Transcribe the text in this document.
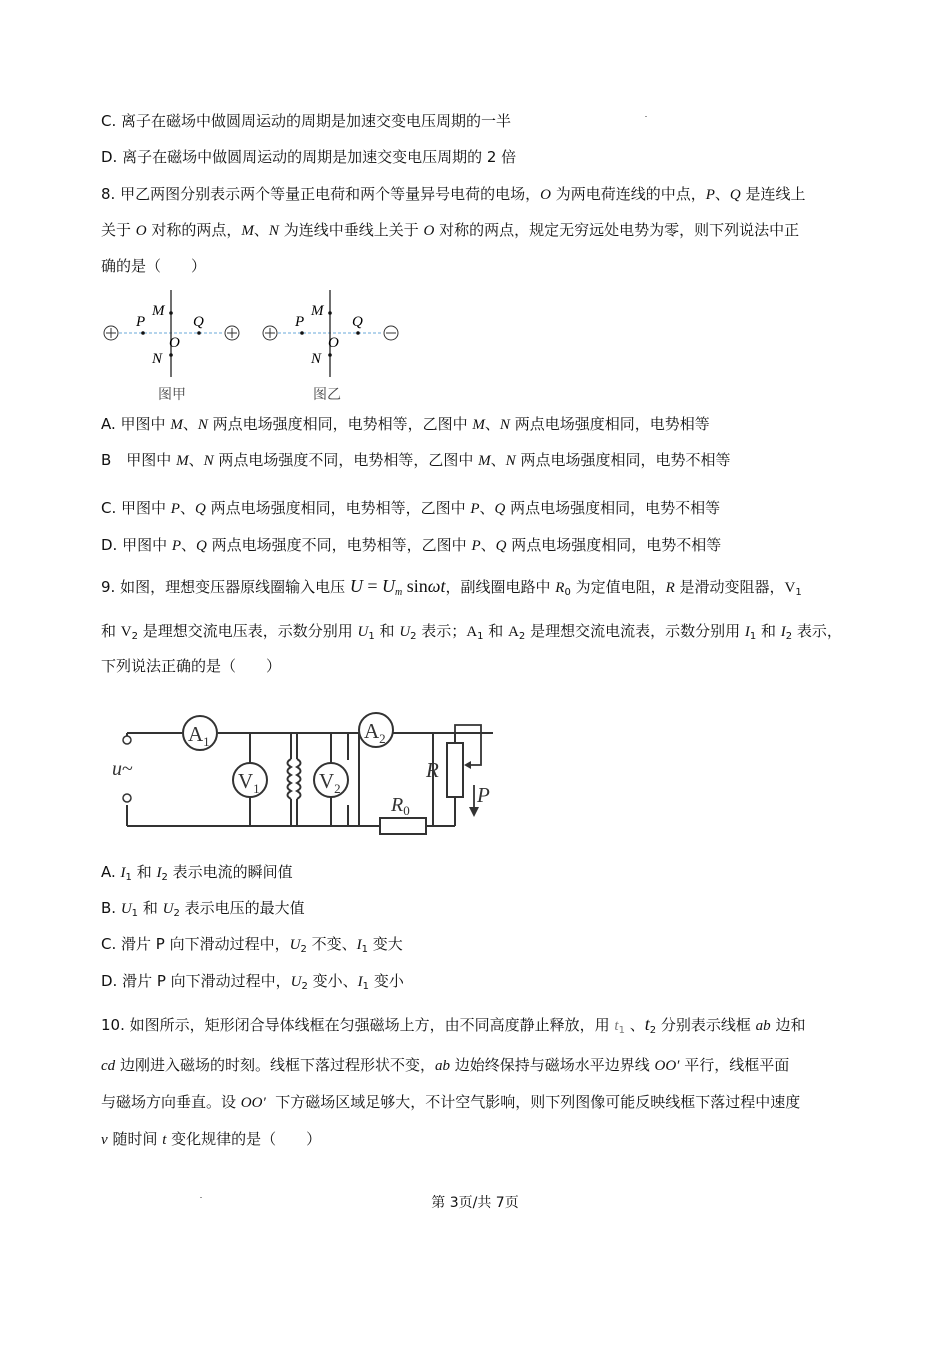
C. 离子在磁场中做圆周运动的周期是加速交变电压周期的一半
D. 离子在磁场中做圆周运动的周期是加速交变电压周期的 2 倍
8. 甲乙两图分别表示两个等量正电荷和两个等量异号电荷的电场，O 为两电荷连线的中点，P、Q 是连线上
关于 O 对称的两点，M、N 为连线中垂线上关于 O 对称的两点，规定无穷远处电势为零，则下列说法中正
确的是（　　）
P	Q
M
N
O
图甲
P	Q
M
N
O
图乙
A. 甲图中 M、N 两点电场强度相同，电势相等，乙图中 M、N 两点电场强度相同，电势相等
B　甲图中 M、N 两点电场强度不同，电势相等，乙图中 M、N 两点电场强度相同，电势不相等
C. 甲图中 P、Q 两点电场强度相同，电势相等，乙图中 P、Q 两点电场强度相同，电势不相等
D. 甲图中 P、Q 两点电场强度不同，电势相等，乙图中 P、Q 两点电场强度相同，电势不相等
9. 如图，理想变压器原线圈输入电压 $U = U_m$ sinωt，副线圈电路中 $R_0$ 为定值电阻，R 是滑动变阻器，$V_1$
和 $V_2$ 是理想交流电压表，示数分别用 $U_1$ 和 $U_2$ 表示；$A_1$ 和 $A_2$ 是理想交流电流表，示数分别用 $I_1$ 和 $I_2$ 表示，
下列说法正确的是（　　）
u~
$A_1$
$V_1$	$V_2$
$A_2$
R
P
$R_0$
A. $I_1$ 和 $I_2$ 表示电流的瞬间值
B. $U_1$ 和 $U_2$ 表示电压的最大值
C. 滑片 P 向下滑动过程中，$U_2$ 不变、$I_1$ 变大
D. 滑片 P 向下滑动过程中，$U_2$ 变小、$I_1$ 变小
10. 如图所示，矩形闭合导体线框在匀强磁场上方，由不同高度静止释放，用 $t_1$ 、$t_2$ 分别表示线框 ab 边和
cd 边刚进入磁场的时刻。线框下落过程形状不变，ab 边始终保持与磁场水平边界线 OO′ 平行，线框平面
与磁场方向垂直。设 OO′  下方磁场区域足够大，不计空气影响，则下列图像可能反映线框下落过程中速度
v 随时间 t 变化规律的是（　　）
第 3页/共 7页
